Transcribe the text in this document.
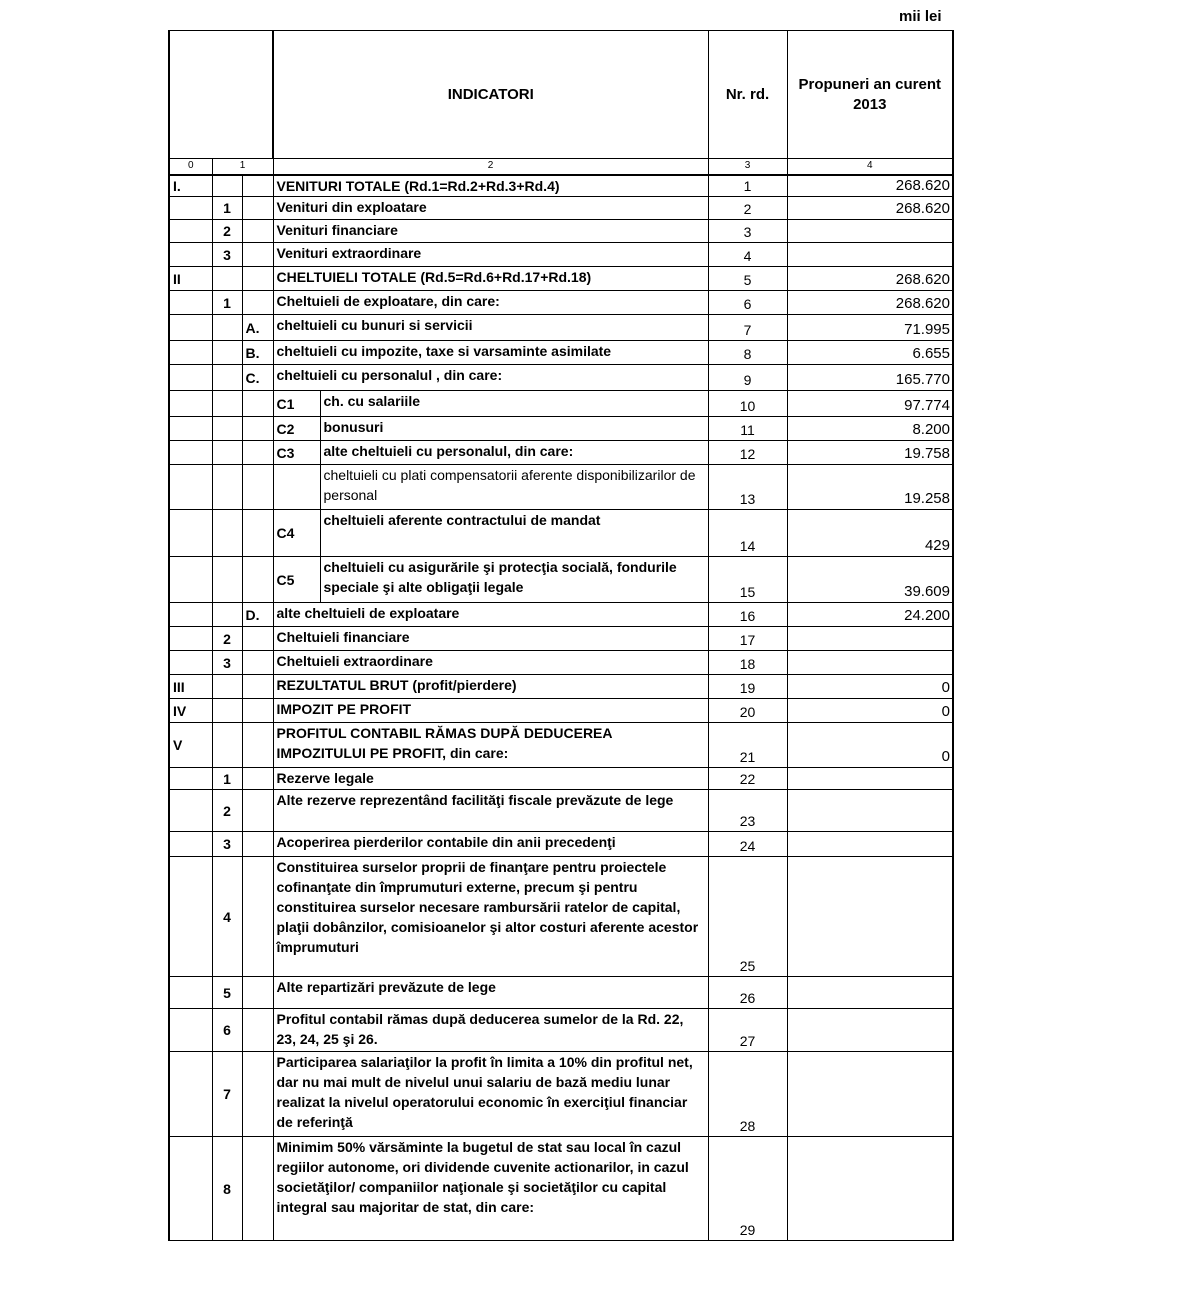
mii lei
			INDICATORI		Nr. rd.	Propuneri an curent 2013
0	1		2		3	4
I.			VENITURI TOTALE (Rd.1=Rd.2+Rd.3+Rd.4)		1	268.620
	1		Venituri din exploatare		2	268.620
	2		Venituri financiare		3	
	3		Venituri extraordinare		4	
II			CHELTUIELI TOTALE (Rd.5=Rd.6+Rd.17+Rd.18)		5	268.620
	1		Cheltuieli de exploatare, din care:		6	268.620
		A.	cheltuieli cu bunuri si servicii		7	71.995
		B.	cheltuieli cu impozite, taxe si varsaminte asimilate		8	6.655
		C.	cheltuieli cu personalul , din care:		9	165.770
			C1	ch. cu salariile	10	97.774
			C2	bonusuri	11	8.200
			C3	alte cheltuieli cu personalul, din care:	12	19.758
				cheltuieli cu plati compensatorii aferente disponibilizarilor de personal	13	19.258
			C4	cheltuieli aferente contractului de mandat	14	429
			C5	cheltuieli cu asigurările şi protecţia socială, fondurile speciale şi alte obligaţii legale	15	39.609
		D.	alte cheltuieli de exploatare		16	24.200
	2		Cheltuieli financiare		17	
	3		Cheltuieli extraordinare		18	
III			REZULTATUL BRUT (profit/pierdere)		19	0
IV			IMPOZIT PE PROFIT		20	0
V			PROFITUL CONTABIL RĂMAS DUPĂ DEDUCEREA IMPOZITULUI PE PROFIT, din care:		21	0
	1		Rezerve legale		22	
	2		Alte rezerve reprezentând facilităţi fiscale prevăzute de lege		23	
	3		Acoperirea pierderilor contabile din anii precedenţi		24	
	4		Constituirea surselor proprii de finanţare pentru proiectele cofinanţate din împrumuturi externe, precum şi pentru constituirea surselor necesare rambursării ratelor de capital, plaţii dobânzilor, comisioanelor şi altor costuri aferente acestor împrumuturi		25	
	5		Alte repartizări prevăzute de lege		26	
	6		Profitul contabil rămas după deducerea sumelor de la Rd. 22, 23, 24, 25 şi 26.		27	
	7		Participarea salariaţilor la profit în limita a 10% din profitul net, dar nu mai mult de nivelul unui salariu de bază mediu lunar realizat la nivelul operatorului economic în exerciţiul financiar de referinţă		28	
	8		Minimim 50% vărsăminte la bugetul de stat sau local în cazul regiilor autonome, ori dividende cuvenite actionarilor, in cazul societăţilor/ companiilor naţionale şi societăţilor cu capital integral sau majoritar de stat, din care:		29	
